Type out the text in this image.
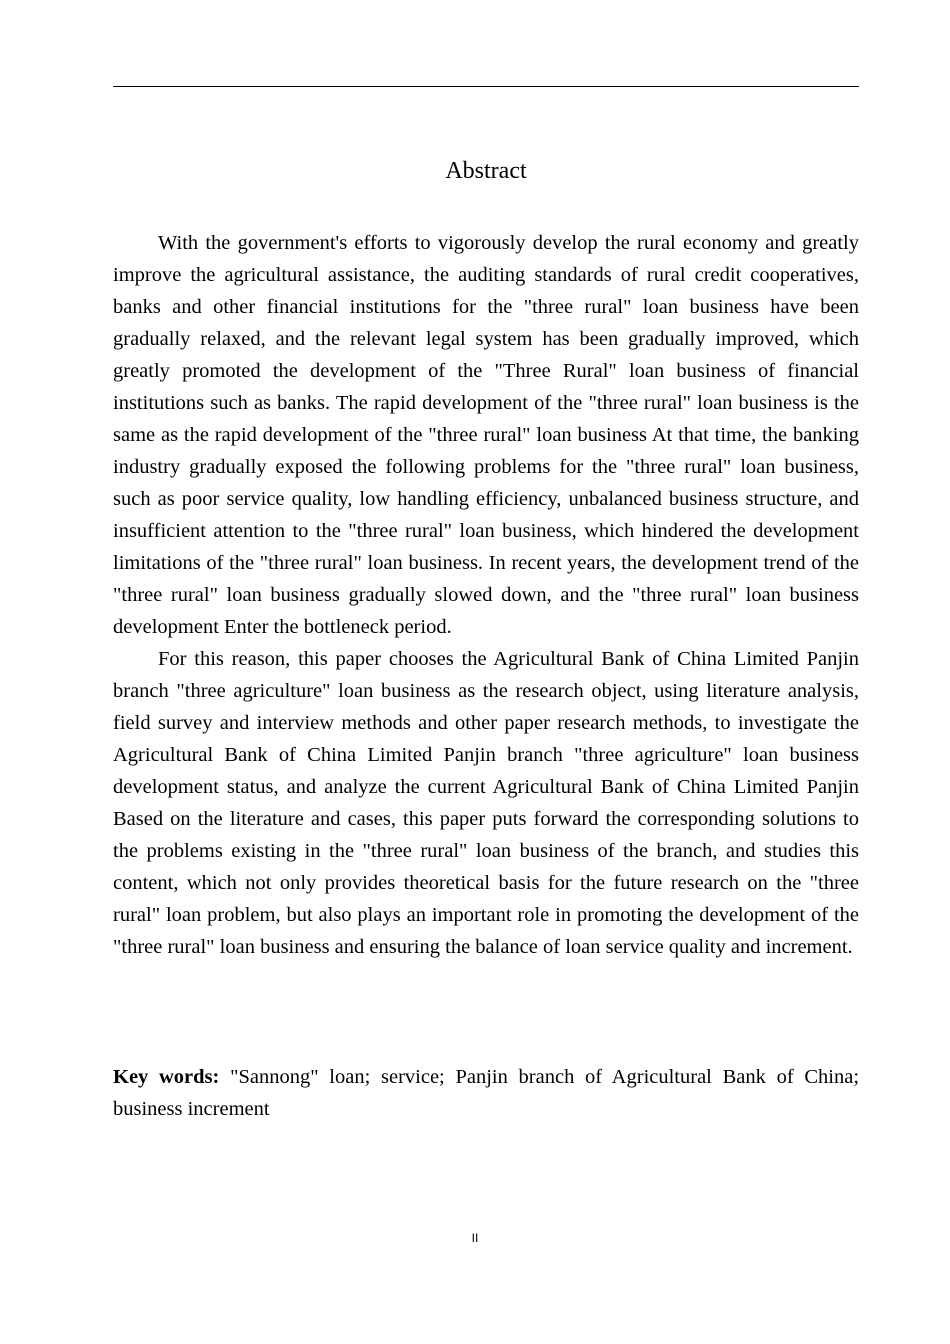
Abstract

With the government's efforts to vigorously develop the rural economy and greatly improve the agricultural assistance, the auditing standards of rural credit cooperatives, banks and other financial institutions for the "three rural" loan business have been gradually relaxed, and the relevant legal system has been gradually improved, which greatly promoted the development of the "Three Rural" loan business of financial institutions such as banks. The rapid development of the "three rural" loan business is the same as the rapid development of the "three rural" loan business At that time, the banking industry gradually exposed the following problems for the "three rural" loan business, such as poor service quality, low handling efficiency, unbalanced business structure, and insufficient attention to the "three rural" loan business, which hindered the development limitations of the "three rural" loan business. In recent years, the development trend of the "three rural" loan business gradually slowed down, and the "three rural" loan business development Enter the bottleneck period.

For this reason, this paper chooses the Agricultural Bank of China Limited Panjin branch "three agriculture" loan business as the research object, using literature analysis, field survey and interview methods and other paper research methods, to investigate the Agricultural Bank of China Limited Panjin branch "three agriculture" loan business development status, and analyze the current Agricultural Bank of China Limited Panjin Based on the literature and cases, this paper puts forward the corresponding solutions to the problems existing in the "three rural" loan business of the branch, and studies this content, which not only provides theoretical basis for the future research on the "three rural" loan problem, but also plays an important role in promoting the development of the "three rural" loan business and ensuring the balance of loan service quality and increment.

Key words: "Sannong" loan; service; Panjin branch of Agricultural Bank of China; business increment

II
